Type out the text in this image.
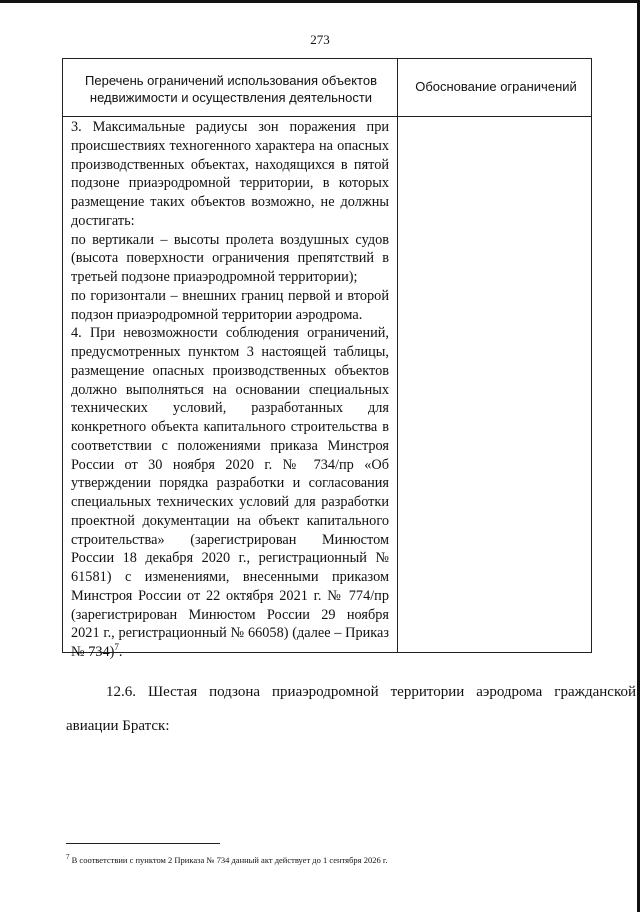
273
Перечень ограничений использования объектов недвижимости и осуществления деятельности
Обоснование ограничений

3. Максимальные радиусы зон поражения при происшествиях техногенного характера на опасных производственных объектах, находящихся в пятой подзоне приаэродромной территории, в которых размещение таких объектов возможно, не должны достигать:

по вертикали – высоты пролета воздушных судов (высота поверхности ограничения препятствий в третьей подзоне приаэродромной территории);

по горизонтали – внешних границ первой и второй подзон приаэродромной территории аэродрома.

4. При невозможности соблюдения ограничений, предусмотренных пунктом 3 настоящей таблицы, размещение опасных производственных объектов должно выполняться на основании специальных технических условий, разработанных для конкретного объекта капитального строительства в соответствии с положениями приказа Минстроя России от 30 ноября 2020 г. № 734/пр «Об утверждении порядка разработки и согласования специальных технических условий для разработки проектной документации на объект капитального строительства» (зарегистрирован Минюстом России 18 декабря 2020 г., регистрационный № 61581) с изменениями, внесенными приказом Минстроя России от 22 октября 2021 г. № 774/пр (зарегистрирован Минюстом России 29 ноября 2021 г., регистрационный № 66058) (далее – Приказ № 734)$^7$.

12.6. Шестая подзона приаэродромной территории аэродрома гражданской авиации Братск:
$^7$ В соответствии с пунктом 2 Приказа № 734 данный акт действует до 1 сентября 2026 г.
